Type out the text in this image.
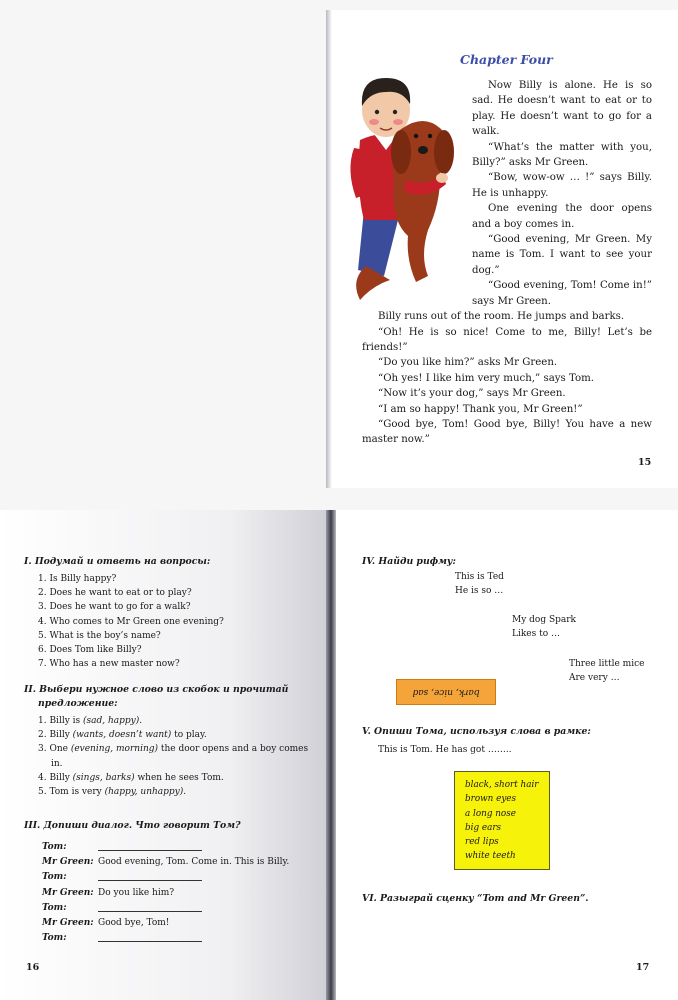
Chapter Four

Now Billy is alone. He is so sad. He doesn’t want to eat or to play. He doesn’t want to go for a walk.

“What’s the matter with you, Billy?” asks Mr Green.

“Bow, wow-ow … !” says Billy. He is unhappy.

One evening the door opens and a boy comes in.

“Good evening, Mr Green. My name is Tom. I want to see your dog.”

“Good evening, Tom! Come in!” says Mr Green.

Billy runs out of the room. He jumps and barks.

“Oh! He is so nice! Come to me, Billy! Let’s be friends!”

“Do you like him?” asks Mr Green.

“Oh yes! I like him very much,” says Tom.

“Now it’s your dog,” says Mr Green.

“I am so happy! Thank you, Mr Green!”

“Good bye, Tom! Good bye, Billy! You have a new master now.”

15
I. Подумай и ответь на вопросы:
1. Is Billy happy?
2. Does he want to eat or to play?
3. Does he want to go for a walk?
4. Who comes to Mr Green one evening?
5. What is the boy’s name?
6. Does Tom like Billy?
7. Who has a new master now?
II. Выбери нужное слово из скобок и прочитай
предложение:
1. Billy is (sad, happy).
2. Billy (wants, doesn’t want) to play.
3. One (evening, morning) the door opens and a boy comes
in.
4. Billy (sings, barks) when he sees Tom.
5. Tom is very (happy, unhappy).
III. Допиши диалог. Что говорит Том?
Tom:
Mr Green: Good evening, Tom. Come in. This is Billy.
Tom:
Mr Green: Do you like him?
Tom:
Mr Green: Good bye, Tom!
Tom:
16
IV. Найди рифму:
This is Ted
He is so …
My dog Spark
Likes to …
Three little mice
Are very …
bark, nice, sad
V. Опиши Тома, используя слова в рамке:
This is Tom. He has got ……..
black, short hair
brown eyes
a long nose
big ears
red lips
white teeth
VI. Разыграй сценку “Tom and Mr Green”.
17
